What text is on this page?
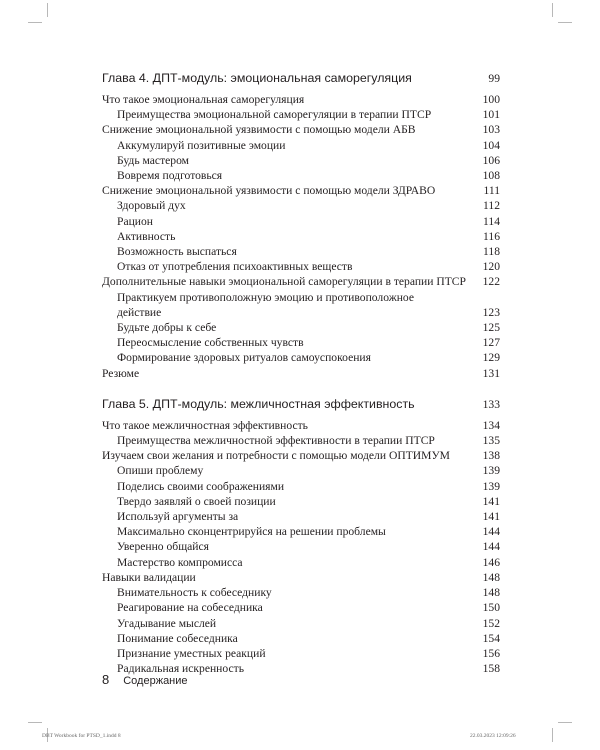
Глава 4. ДПТ-модуль: эмоциональная саморегуляция	99
Что такое эмоциональная саморегуляция	100
Преимущества эмоциональной саморегуляции в терапии ПТСР	101
Снижение эмоциональной уязвимости с помощью модели АБВ	103
Аккумулируй позитивные эмоции	104
Будь мастером	106
Вовремя подготовься	108
Снижение эмоциональной уязвимости с помощью модели ЗДРАВО	111
Здоровый дух	112
Рацион	114
Активность	116
Возможность выспаться	118
Отказ от употребления психоактивных веществ	120
Дополнительные навыки эмоциональной саморегуляции в терапии ПТСР	122
Практикуем противоположную эмоцию и противоположное
действие	123
Будьте добры к себе	125
Переосмысление собственных чувств	127
Формирование здоровых ритуалов самоуспокоения	129
Резюме	131
Глава 5. ДПТ-модуль: межличностная эффективность	133
Что такое межличностная эффективность	134
Преимущества межличностной эффективности в терапии ПТСР	135
Изучаем свои желания и потребности с помощью модели ОПТИМУМ	138
Опиши проблему	139
Поделись своими соображениями	139
Твердо заявляй о своей позиции	141
Используй аргументы за	141
Максимально сконцентрируйся на решении проблемы	144
Уверенно общайся	144
Мастерство компромисса	146
Навыки валидации	148
Внимательность к собеседнику	148
Реагирование на собеседника	150
Угадывание мыслей	152
Понимание собеседника	154
Признание уместных реакций	156
Радикальная искренность	158
8 Содержание
DBT Workbook for PTSD_1.indd 8	22.03.2023 12:09:26
